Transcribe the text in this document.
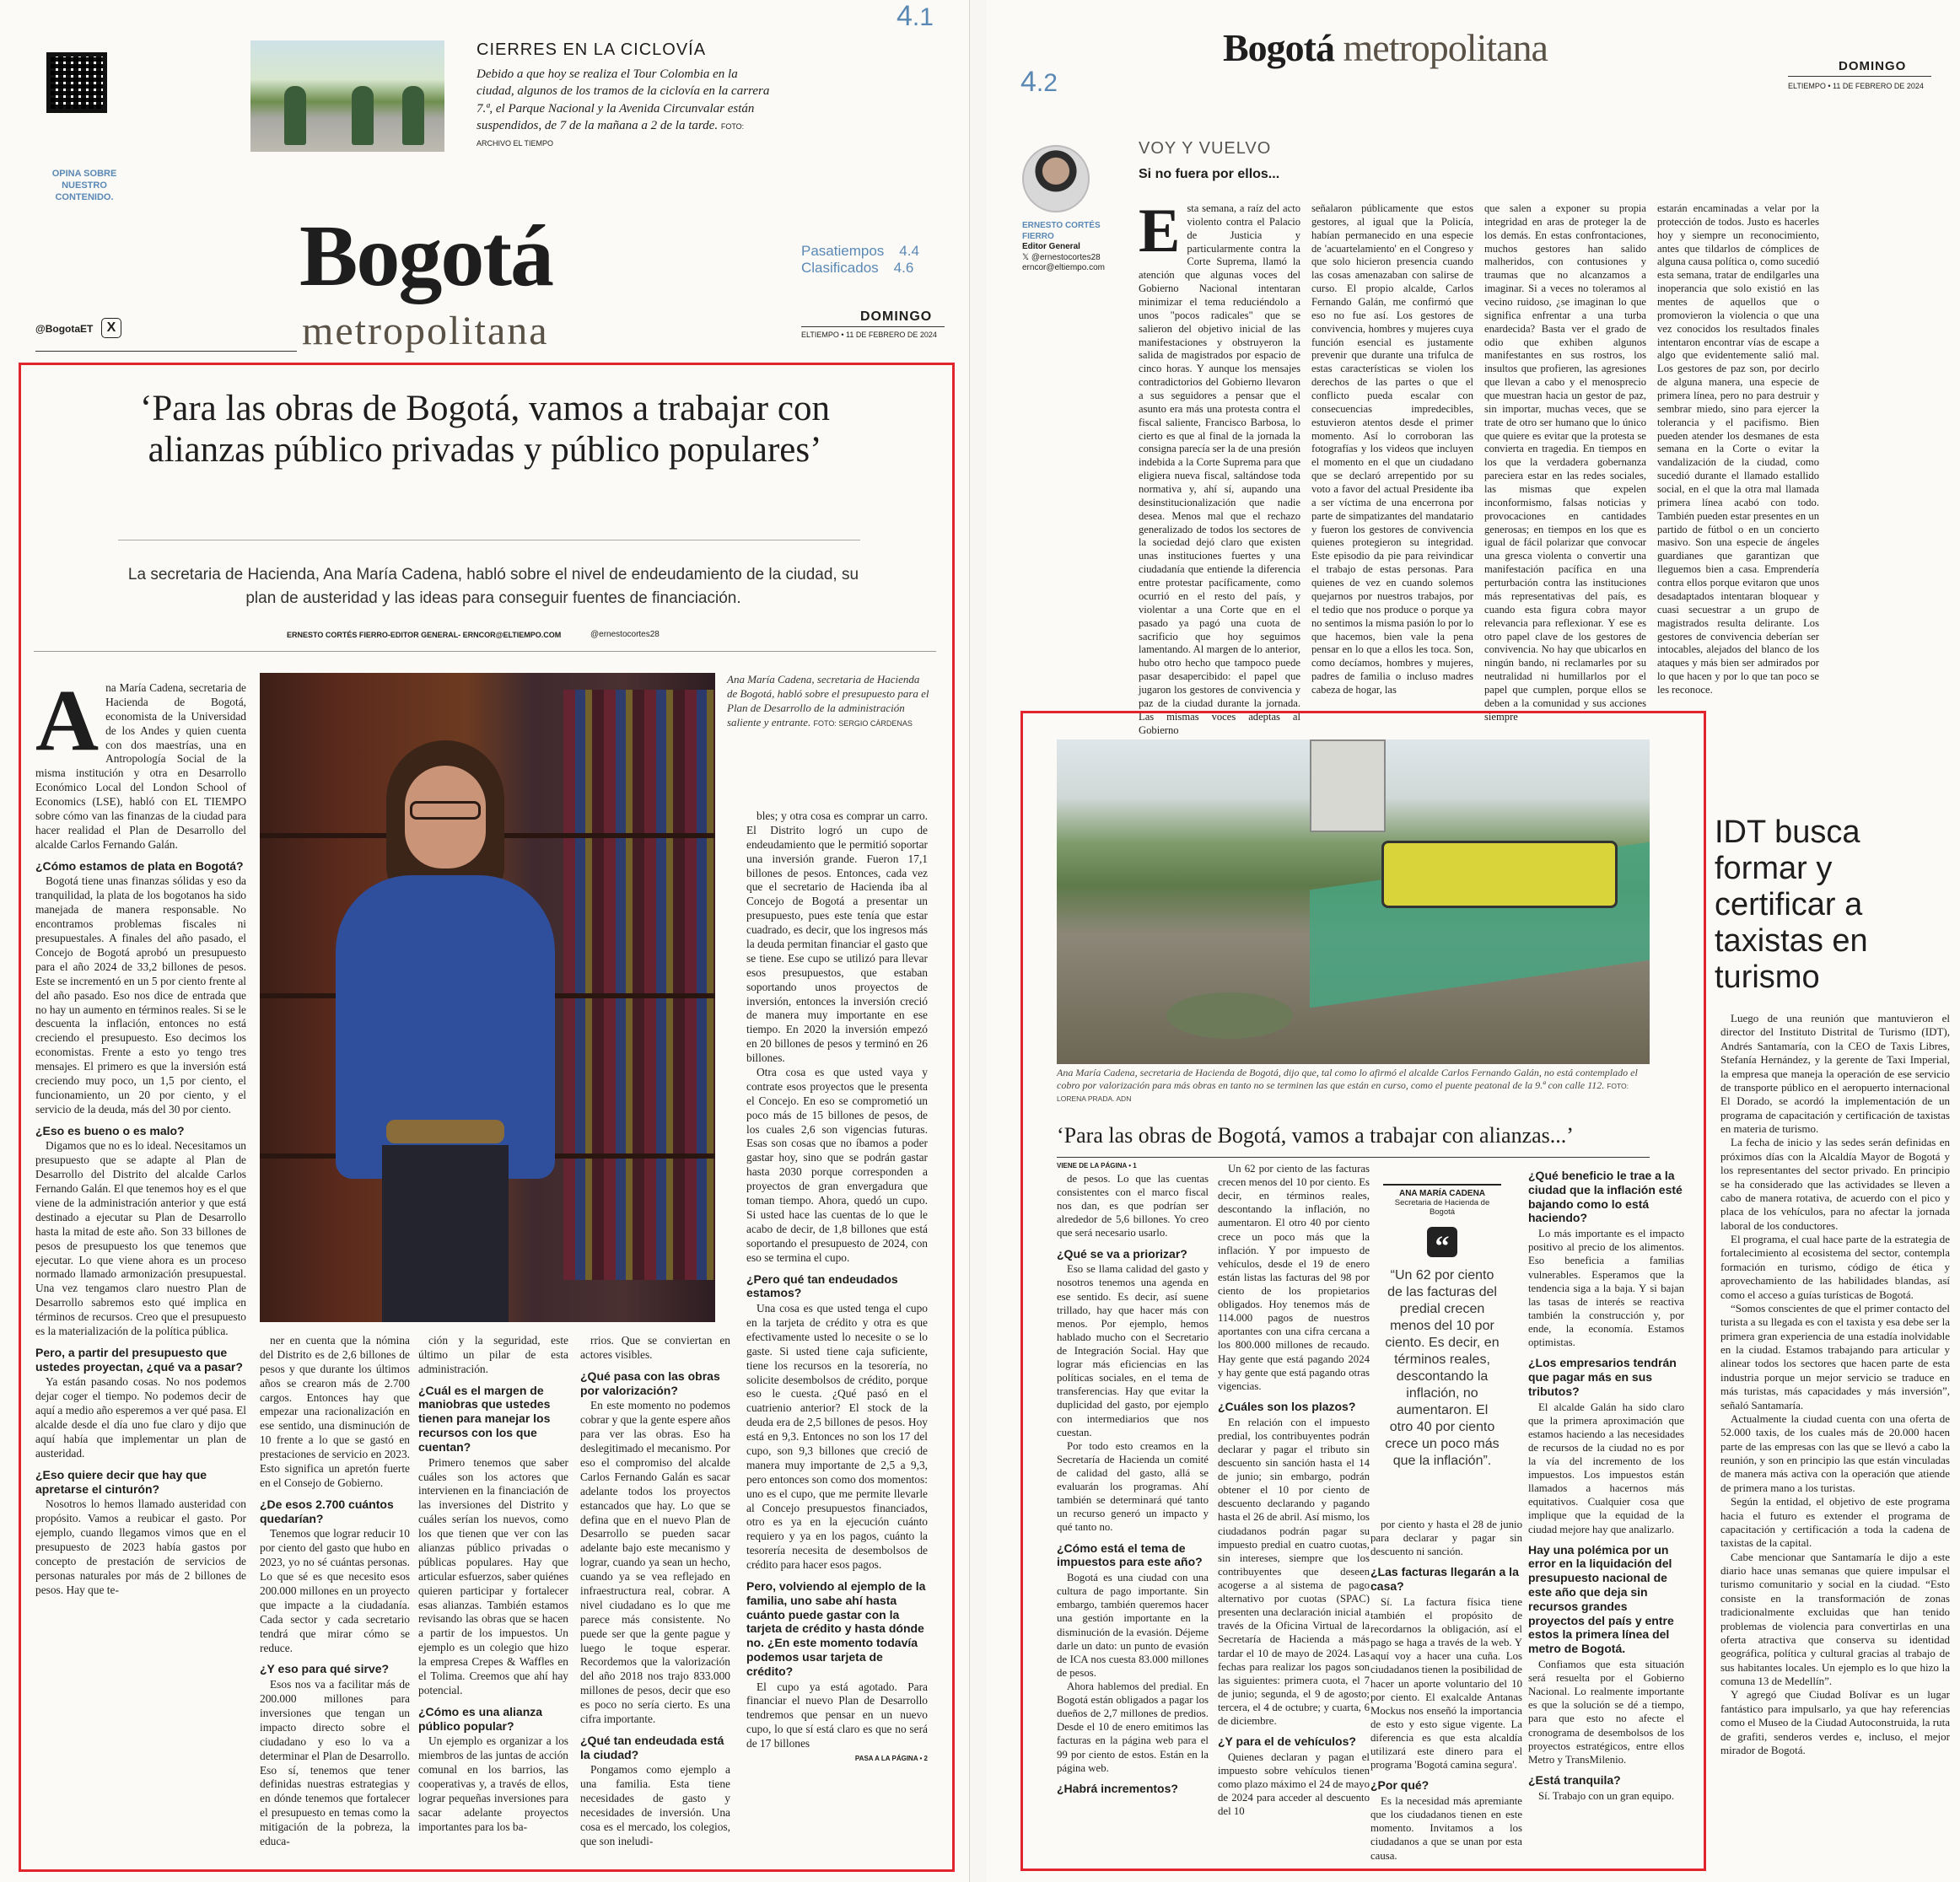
4.1
OPINA SOBRE NUESTRO CONTENIDO.
CIERRES EN LA CICLOVÍA
Debido a que hoy se realiza el Tour Colombia en la ciudad, algunos de los tramos de la ciclovía en la carrera 7.ª, el Parque Nacional y la Avenida Circunvalar están suspendidos, de 7 de la mañana a 2 de la tarde. FOTO: ARCHIVO EL TIEMPO
Bogotá
metropolitana
@BogotaET	X
Pasatiempos 4.4
Clasificados 4.6
DOMINGO
ELTIEMPO • 11 DE FEBRERO DE 2024
‘Para las obras de Bogotá, vamos a trabajar con alianzas público privadas y público populares’
La secretaria de Hacienda, Ana María Cadena, habló sobre el nivel de endeudamiento de la ciudad, su plan de austeridad y las ideas para conseguir fuentes de financiación.
ERNESTO CORTÉS FIERRO-EDITOR GENERAL- ERNCOR@ELTIEMPO.COM	@ernestocortes28
Ana María Cadena, secretaria de Hacienda de Bogotá, habló sobre el presupuesto para el Plan de Desarrollo de la administración saliente y entrante. FOTO: SERGIO CÁRDENAS
A na María Cadena, secretaria de Hacienda de Bogotá, economista de la Universidad de los Andes y quien cuenta con dos maestrías, una en Antropología Social de la misma institución y otra en Desarrollo Económico Local del London School of Economics (LSE), habló con EL TIEMPO sobre cómo van las finanzas de la ciudad para hacer realidad el Plan de Desarrollo del alcalde Carlos Fernando Galán.

¿Cómo estamos de plata en Bogotá?

Bogotá tiene unas finanzas sólidas y eso da tranquilidad, la plata de los bogotanos ha sido manejada de manera responsable. No encontramos problemas fiscales ni presupuestales. A finales del año pasado, el Concejo de Bogotá aprobó un presupuesto para el año 2024 de 33,2 billones de pesos. Este se incrementó en un 5 por ciento frente al del año pasado. Eso nos dice de entrada que no hay un aumento en términos reales. Si se le descuenta la inflación, entonces no está creciendo el presupuesto. Eso decimos los economistas. Frente a esto yo tengo tres mensajes. El primero es que la inversión está creciendo muy poco, un 1,5 por ciento, el funcionamiento, un 20 por ciento, y el servicio de la deuda, más del 30 por ciento.

¿Eso es bueno o es malo?

Digamos que no es lo ideal. Necesitamos un presupuesto que se adapte al Plan de Desarrollo del Distrito del alcalde Carlos Fernando Galán. El que tenemos hoy es el que viene de la administración anterior y que está destinado a ejecutar su Plan de Desarrollo hasta la mitad de este año. Son 33 billones de pesos de presupuesto los que tenemos que ejecutar. Lo que viene ahora es un proceso normado llamado armonización presupuestal. Una vez tengamos claro nuestro Plan de Desarrollo sabremos esto qué implica en términos de recursos. Creo que el presupuesto es la materialización de la política pública.

Pero, a partir del presupuesto que ustedes proyectan, ¿qué va a pasar?

Ya están pasando cosas. No nos podemos dejar coger el tiempo. No podemos decir de aquí a medio año esperemos a ver qué pasa. El alcalde desde el día uno fue claro y dijo que aquí había que implementar un plan de austeridad.

¿Eso quiere decir que hay que apretarse el cinturón?

Nosotros lo hemos llamado austeridad con propósito. Vamos a reubicar el gasto. Por ejemplo, cuando llegamos vimos que en el presupuesto de 2023 había gastos por concepto de prestación de servicios de personas naturales por más de 2 billones de pesos. Hay que te-

ner en cuenta que la nómina del Distrito es de 2,6 billones de pesos y que durante los últimos años se crearon más de 2.700 cargos. Entonces hay que empezar una racionalización en ese sentido, una disminución de 10 frente a lo que se gastó en prestaciones de servicio en 2023. Esto significa un apretón fuerte en el Consejo de Gobierno.

¿De esos 2.700 cuántos quedarían?

Tenemos que lograr reducir 10 por ciento del gasto que hubo en 2023, yo no sé cuántas personas. Lo que sé es que necesito esos 200.000 millones en un proyecto que impacte a la ciudadanía. Cada sector y cada secretario tendrá que mirar cómo se reduce.

¿Y eso para qué sirve?

Esos nos va a facilitar más de 200.000 millones para inversiones que tengan un impacto directo sobre el ciudadano y eso lo va a determinar el Plan de Desarrollo. Eso sí, tenemos que tener definidas nuestras estrategias y en dónde tenemos que fortalecer el presupuesto en temas como la mitigación de la pobreza, la educa-

ción y la seguridad, este último un pilar de esta administración.

¿Cuál es el margen de maniobras que ustedes tienen para manejar los recursos con los que cuentan?

Primero tenemos que saber cuáles son los actores que intervienen en la financiación de las inversiones del Distrito y cuáles serían los nuevos, como los que tienen que ver con las alianzas público privadas o públicas populares. Hay que articular esfuerzos, saber quiénes quieren participar y fortalecer esas alianzas. También estamos revisando las obras que se hacen a partir de los impuestos. Un ejemplo es un colegio que hizo la empresa Crepes & Waffles en el Tolima. Creemos que ahí hay potencial.

¿Cómo es una alianza público popular?

Un ejemplo es organizar a los miembros de las juntas de acción comunal en los barrios, las cooperativas y, a través de ellos, lograr pequeñas inversiones para sacar adelante proyectos importantes para los ba-

rrios. Que se conviertan en actores visibles.

¿Qué pasa con las obras por valorización?

En este momento no podemos cobrar y que la gente espere años para ver las obras. Eso ha deslegitimado el mecanismo. Por eso el compromiso del alcalde Carlos Fernando Galán es sacar adelante todos los proyectos estancados que hay. Lo que se defina que en el nuevo Plan de Desarrollo se pueden sacar adelante bajo este mecanismo y lograr, cuando ya sean un hecho, cuando ya se vea reflejado en infraestructura real, cobrar. A nivel ciudadano es lo que me parece más consistente. No puede ser que la gente pague y luego le toque esperar. Recordemos que la valorización del año 2018 nos trajo 833.000 millones de pesos, decir que eso es poco no sería cierto. Es una cifra importante.

¿Qué tan endeudada está la ciudad?

Pongamos como ejemplo a una familia. Esta tiene necesidades de gasto y necesidades de inversión. Una cosa es el mercado, los colegios, que son ineludi-

bles; y otra cosa es comprar un carro. El Distrito logró un cupo de endeudamiento que le permitió soportar una inversión grande. Fueron 17,1 billones de pesos. Entonces, cada vez que el secretario de Hacienda iba al Concejo de Bogotá a presentar un presupuesto, pues este tenía que estar cuadrado, es decir, que los ingresos más la deuda permitan financiar el gasto que se tiene. Ese cupo se utilizó para llevar esos presupuestos, que estaban soportando unos proyectos de inversión, entonces la inversión creció de manera muy importante en ese tiempo. En 2020 la inversión empezó en 20 billones de pesos y terminó en 26 billones.

Otra cosa es que usted vaya y contrate esos proyectos que le presenta el Concejo. En eso se comprometió un poco más de 15 billones de pesos, de los cuales 2,6 son vigencias futuras. Esas son cosas que no íbamos a poder gastar hoy, sino que se podrán gastar hasta 2030 porque corresponden a proyectos de gran envergadura que toman tiempo. Ahora, quedó un cupo. Si usted hace las cuentas de lo que le acabo de decir, de 1,8 billones que está soportando el presupuesto de 2024, con eso se termina el cupo.

¿Pero qué tan endeudados estamos?

Una cosa es que usted tenga el cupo en la tarjeta de crédito y otra es que efectivamente usted lo necesite o se lo gaste. Si usted tiene caja suficiente, tiene los recursos en la tesorería, no solicite desembolsos de crédito, porque eso le cuesta. ¿Qué pasó en el cuatrienio anterior? El stock de la deuda era de 2,5 billones de pesos. Hoy está en 9,3. Entonces no son los 17 del cupo, son 9,3 billones que creció de manera muy importante de 2,5 a 9,3, pero entonces son como dos momentos: uno es el cupo, que me permite llevarle al Concejo presupuestos financiados, otro es ya en la ejecución cuánto requiero y ya en los pagos, cuánto la tesorería necesita de desembolsos de crédito para hacer esos pagos.

Pero, volviendo al ejemplo de la familia, uno sabe ahí hasta cuánto puede gastar con la tarjeta de crédito y hasta dónde no. ¿En este momento todavía podemos usar tarjeta de crédito?

El cupo ya está agotado. Para financiar el nuevo Plan de Desarrollo tendremos que pensar en un nuevo cupo, lo que sí está claro es que no será de 17 billones

PASA A LA PÁGINA • 2
4.2
DOMINGO
ELTIEMPO • 11 DE FEBRERO DE 2024
Bogotá metropolitana
ERNESTO CORTÉS FIERRO
Editor General
𝕏 @ernestocortes28
erncor@eltiempo.com
VOY Y VUELVO
Si no fuera por ellos...
Esta semana, a raíz del acto violento contra el Palacio de Justicia y particularmente contra la Corte Suprema, llamó la atención que algunas voces del Gobierno Nacional intentaran minimizar el tema reduciéndolo a unos "pocos radicales" que se salieron del objetivo inicial de las manifestaciones y obstruyeron la salida de magistrados por espacio de cinco horas. Y aunque los mensajes contradictorios del Gobierno llevaron a sus seguidores a pensar que el asunto era más una protesta contra el fiscal saliente, Francisco Barbosa, lo cierto es que al final de la jornada la consigna parecía ser la de una presión indebida a la Corte Suprema para que eligiera nueva fiscal, saltándose toda normativa y, ahí sí, aupando una desinstitucionalización que nadie desea. Menos mal que el rechazo generalizado de todos los sectores de la sociedad dejó claro que existen unas instituciones fuertes y una ciudadanía que entiende la diferencia entre protestar pacíficamente, como ocurrió en el resto del país, y violentar a una Corte que en el pasado ya pagó una cuota de sacrificio que hoy seguimos lamentando. Al margen de lo anterior, hubo otro hecho que tampoco puede pasar desapercibido: el papel que jugaron los gestores de convivencia y paz de la ciudad durante la jornada. Las mismas voces adeptas al Gobierno
señalaron públicamente que estos gestores, al igual que la Policía, habían permanecido en una especie de 'acuartelamiento' en el Congreso y que solo hicieron presencia cuando las cosas amenazaban con salirse de curso. El propio alcalde, Carlos Fernando Galán, me confirmó que eso no fue así. Los gestores de convivencia, hombres y mujeres cuya función esencial es justamente prevenir que durante una trifulca de estas características se violen los derechos de las partes o que el conflicto pueda escalar con consecuencias impredecibles, estuvieron atentos desde el primer momento. Así lo corroboran las fotografías y los videos que incluyen el momento en el que un ciudadano que se declaró arrepentido por su voto a favor del actual Presidente iba a ser víctima de una encerrona por parte de simpatizantes del mandatario y fueron los gestores de convivencia quienes protegieron su integridad. Este episodio da pie para reivindicar el trabajo de estas personas. Para quienes de vez en cuando solemos quejarnos por nuestros trabajos, por el tedio que nos produce o porque ya no sentimos la misma pasión lo por lo que hacemos, bien vale la pena pensar en lo que a ellos les toca. Son, como decíamos, hombres y mujeres, padres de familia o incluso madres cabeza de hogar, las
que salen a exponer su propia integridad en aras de proteger la de los demás. En estas confrontaciones, muchos gestores han salido malheridos, con contusiones y traumas que no alcanzamos a imaginar. Si a veces no toleramos al vecino ruidoso, ¿se imaginan lo que significa enfrentar a una turba enardecida? Basta ver el grado de odio que exhiben algunos manifestantes en sus rostros, los insultos que profieren, las agresiones que llevan a cabo y el menosprecio que muestran hacia un gestor de paz, sin importar, muchas veces, que se trate de otro ser humano que lo único que quiere es evitar que la protesta se convierta en tragedia. En tiempos en los que la verdadera gobernanza pareciera estar en las redes sociales, las mismas que expelen inconformismo, falsas noticias y provocaciones en cantidades generosas; en tiempos en los que es igual de fácil polarizar que convocar una gresca violenta o convertir una manifestación pacífica en una perturbación contra las instituciones más representativas del país, es cuando esta figura cobra mayor relevancia para reflexionar. Y ese es otro papel clave de los gestores de convivencia. No hay que ubicarlos en ningún bando, ni reclamarles por su neutralidad ni humillarlos por el papel que cumplen, porque ellos se deben a la comunidad y sus acciones siempre
estarán encaminadas a velar por la protección de todos. Justo es hacerles hoy y siempre un reconocimiento, antes que tildarlos de cómplices de alguna causa política o, como sucedió esta semana, tratar de endilgarles una inoperancia que solo existió en las mentes de aquellos que o promovieron la violencia o que una vez conocidos los resultados finales intentaron encontrar vías de escape a algo que evidentemente salió mal. Los gestores de paz son, por decirlo de alguna manera, una especie de primera línea, pero no para destruir y sembrar miedo, sino para ejercer la tolerancia y el pacifismo. Bien pueden atender los desmanes de esta semana en la Corte o evitar la vandalización de la ciudad, como sucedió durante el llamado estallido social, en el que la otra mal llamada primera línea acabó con todo. También pueden estar presentes en un partido de fútbol o en un concierto masivo. Son una especie de ángeles guardianes que garantizan que lleguemos bien a casa. Emprendería contra ellos porque evitaron que unos desadaptados intentaran bloquear y cuasi secuestrar a un grupo de magistrados resulta delirante. Los gestores de convivencia deberían ser intocables, alejados del blanco de los ataques y más bien ser admirados por lo que hacen y por lo que tan poco se les reconoce.
Ana María Cadena, secretaria de Hacienda de Bogotá, dijo que, tal como lo afirmó el alcalde Carlos Fernando Galán, no está contemplado el cobro por valorización para más obras en tanto no se terminen las que están en curso, como el puente peatonal de la 9.ª con calle 112. FOTO: LORENA PRADA. ADN
‘Para las obras de Bogotá, vamos a trabajar con alianzas...’
VIENE DE LA PÁGINA • 1

de pesos. Lo que las cuentas consistentes con el marco fiscal nos dan, es que podrían ser alrededor de 5,6 billones. Yo creo que será necesario usarlo.

¿Qué se va a priorizar?

Eso se llama calidad del gasto y nosotros tenemos una agenda en ese sentido. Es decir, así suene trillado, hay que hacer más con menos. Por ejemplo, hemos hablado mucho con el Secretario de Integración Social. Hay que lograr más eficiencias en las políticas sociales, en el tema de transferencias. Hay que evitar la duplicidad del gasto, por ejemplo con intermediarios que nos cuestan.

Por todo esto creamos en la Secretaría de Hacienda un comité de calidad del gasto, allá se evaluarán los programas. Ahí también se determinará qué tanto un recurso generó un impacto y qué tanto no.

¿Cómo está el tema de impuestos para este año?

Bogotá es una ciudad con una cultura de pago importante. Sin embargo, también queremos hacer una gestión importante en la disminución de la evasión. Déjeme darle un dato: un punto de evasión de ICA nos cuesta 83.000 millones de pesos.

Ahora hablemos del predial. En Bogotá están obligados a pagar los dueños de 2,7 millones de predios. Desde el 10 de enero emitimos las facturas en la página web para el 99 por ciento de estos. Están en la página web.

¿Habrá incrementos?

Un 62 por ciento de las facturas crecen menos del 10 por ciento. Es decir, en términos reales, descontando la inflación, no aumentaron. El otro 40 por ciento crece un poco más que la inflación. Y por impuesto de vehículos, desde el 19 de enero están listas las facturas del 98 por ciento de los propietarios obligados. Hoy tenemos más de 114.000 pagos de nuestros aportantes con una cifra cercana a los 800.000 millones de recaudo. Hay gente que está pagando 2024 y hay gente que está pagando otras vigencias.

¿Cuáles son los plazos?

En relación con el impuesto predial, los contribuyentes podrán declarar y pagar el tributo sin descuento sin sanción hasta el 14 de junio; sin embargo, podrán obtener el 10 por ciento de descuento declarando y pagando hasta el 26 de abril. Así mismo, los ciudadanos podrán pagar su impuesto predial en cuatro cuotas, sin intereses, siempre que los contribuyentes que deseen acogerse a al sistema de pago alternativo por cuotas (SPAC) presenten una declaración inicial a través de la Oficina Virtual de la Secretaría de Hacienda a más tardar el 10 de mayo de 2024. Las fechas para realizar los pagos son las siguientes: primera cuota, el 7 de junio; segunda, el 9 de agosto; tercera, el 4 de octubre; y cuarta, 6 de diciembre.

¿Y para el de vehículos?

Quienes declaran y pagan el impuesto sobre vehículos tienen como plazo máximo el 24 de mayo de 2024 para acceder al descuento del 10

ANA MARÍA CADENA
Secretaria de Hacienda de Bogotá
“
“Un 62 por ciento de las facturas del predial crecen menos del 10 por ciento. Es decir, en términos reales, descontando la inflación, no aumentaron. El otro 40 por ciento crece un poco más que la inflación”.

por ciento y hasta el 28 de junio para declarar y pagar sin descuento ni sanción.

¿Las facturas llegarán a la casa?

Sí. La factura física tiene también el propósito de recordarnos la obligación, así el pago se haga a través de la web. Y aquí voy a hacer una cuña. Los ciudadanos tienen la posibilidad de hacer un aporte voluntario del 10 por ciento. El exalcalde Antanas Mockus nos enseñó la importancia de esto y esto sigue vigente. La diferencia es que esta alcaldía utilizará este dinero para el programa 'Bogotá camina segura'.

¿Por qué?

Es la necesidad más apremiante que los ciudadanos tienen en este momento. Invitamos a los ciudadanos a que se unan por esta causa.

¿Qué beneficio le trae a la ciudad que la inflación esté bajando como lo está haciendo?

Lo más importante es el impacto positivo al precio de los alimentos. Eso beneficia a familias vulnerables. Esperamos que la tendencia siga a la baja. Y si bajan las tasas de interés se reactiva también la construcción y, por ende, la economía. Estamos optimistas.

¿Los empresarios tendrán que pagar más en sus tributos?

El alcalde Galán ha sido claro que la primera aproximación que estamos haciendo a las necesidades de recursos de la ciudad no es por la vía del incremento de los impuestos. Los impuestos están llamados a hacernos más equitativos. Cualquier cosa que implique que la equidad de la ciudad mejore hay que analizarlo.

Hay una polémica por un error en la liquidación del presupuesto nacional de este año que deja sin recursos grandes proyectos del país y entre estos la primera línea del metro de Bogotá.

Confiamos que esta situación será resuelta por el Gobierno Nacional. Lo realmente importante es que la solución se dé a tiempo, para que esto no afecte el cronograma de desembolsos de los proyectos estratégicos, entre ellos Metro y TransMilenio.

¿Está tranquila?

Sí. Trabajo con un gran equipo.

IDT busca formar y certificar a taxistas en turismo

Luego de una reunión que mantuvieron el director del Instituto Distrital de Turismo (IDT), Andrés Santamaría, con la CEO de Taxis Libres, Stefanía Hernández, y la gerente de Taxi Imperial, la empresa que maneja la operación de ese servicio de transporte público en el aeropuerto internacional El Dorado, se acordó la implementación de un programa de capacitación y certificación de taxistas en materia de turismo.

La fecha de inicio y las sedes serán definidas en próximos días con la Alcaldía Mayor de Bogotá y los representantes del sector privado. En principio se ha considerado que las actividades se lleven a cabo de manera rotativa, de acuerdo con el pico y placa de los vehículos, para no afectar la jornada laboral de los conductores.

El programa, el cual hace parte de la estrategia de fortalecimiento al ecosistema del sector, contempla formación en turismo, código de ética y aprovechamiento de las habilidades blandas, así como el acceso a guías turísticas de Bogotá.

“Somos conscientes de que el primer contacto del turista a su llegada es con el taxista y esa debe ser la primera gran experiencia de una estadía inolvidable en la ciudad. Estamos trabajando para articular y alinear todos los sectores que hacen parte de esta industria porque un mejor servicio se traduce en más turistas, más capacidades y más inversión”, señaló Santamaría.

Actualmente la ciudad cuenta con una oferta de 52.000 taxis, de los cuales más de 20.000 hacen parte de las empresas con las que se llevó a cabo la reunión, y son en principio las que están vinculadas de manera más activa con la operación que atiende de primera mano a los turistas.

Según la entidad, el objetivo de este programa hacia el futuro es extender el programa de capacitación y certificación a toda la cadena de taxistas de la capital.

Cabe mencionar que Santamaría le dijo a este diario hace unas semanas que quiere impulsar el turismo comunitario y social en la ciudad. “Esto consiste en la transformación de zonas tradicionalmente excluidas que han tenido problemas de violencia para convertirlas en una oferta atractiva que conserva su identidad geográfica, política y cultural gracias al trabajo de sus habitantes locales. Un ejemplo es lo que hizo la comuna 13 de Medellín”.

Y agregó que Ciudad Bolívar es un lugar fantástico para impulsarlo, ya que hay referencias como el Museo de la Ciudad Autoconstruida, la ruta de grafiti, senderos verdes e, incluso, el mejor mirador de Bogotá.
